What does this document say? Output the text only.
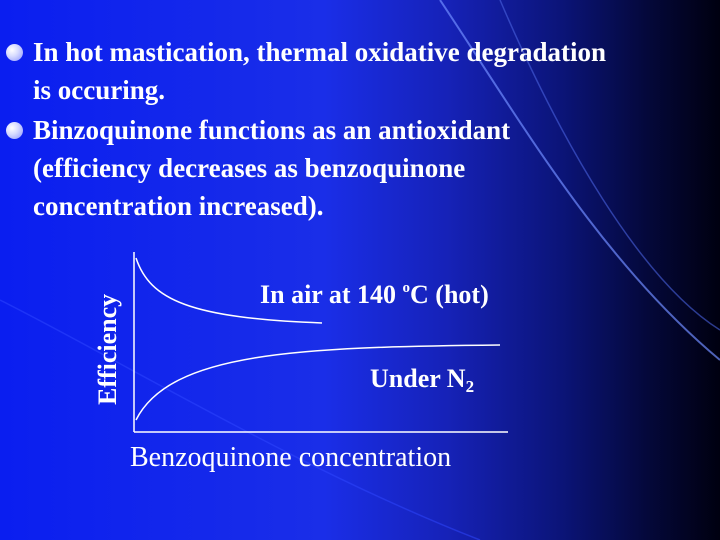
In hot mastication, thermal oxidative degradation
is occuring.
Binzoquinone functions as an antioxidant
(efficiency decreases as benzoquinone
concentration increased).
Efficiency	In air at 140 $^o$C (hot)
Under $N_2$
Benzoquinone concentration
